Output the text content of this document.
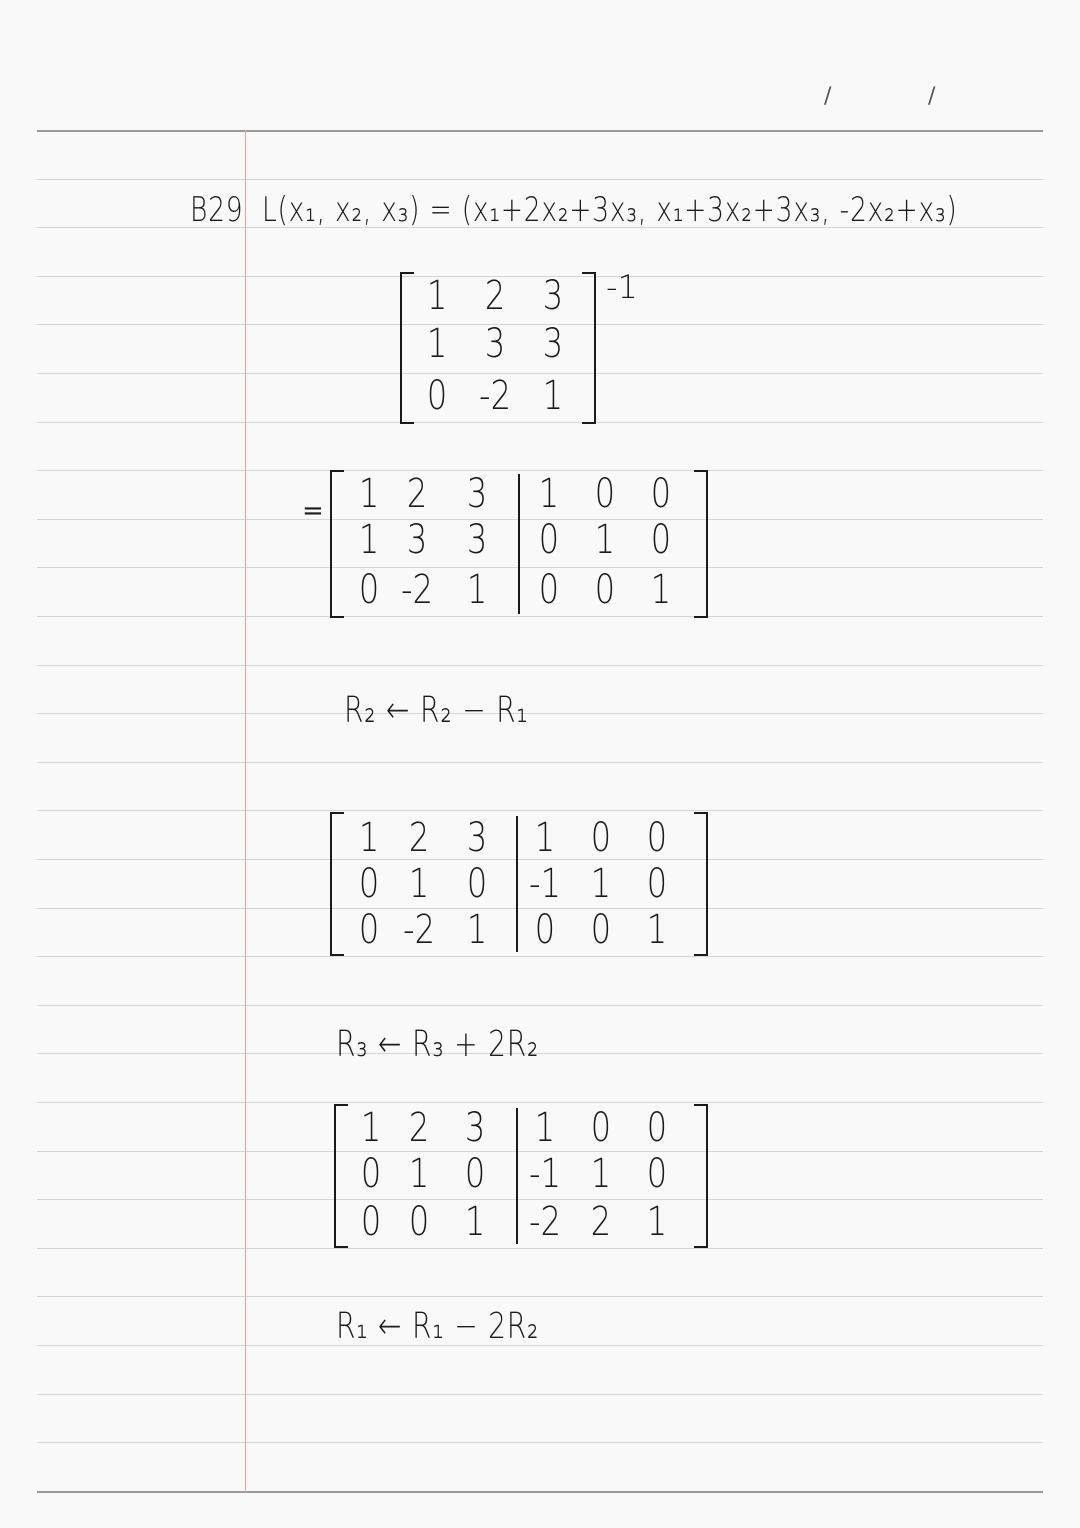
/	/
B29 L(x₁, x₂, x₃) = (x₁+2x₂+3x₃, x₁+3x₂+3x₃, -2x₂+x₃)
1 2 3
1 3 3
0 -2 1
-1
= 1 2 3
1 3 3
0 -2 1
1 0 0
0 1 0
0 0 1
R₂ ← R₂ − R₁
1 2 3
0 1 0
0 -2 1
1 0 0
-1 1 0
0 0 1
R₃ ← R₃ + 2R₂
1 2 3
0 1 0
0 0 1
1 0 0
-1 1 0
-2 2 1
R₁ ← R₁ − 2R₂
